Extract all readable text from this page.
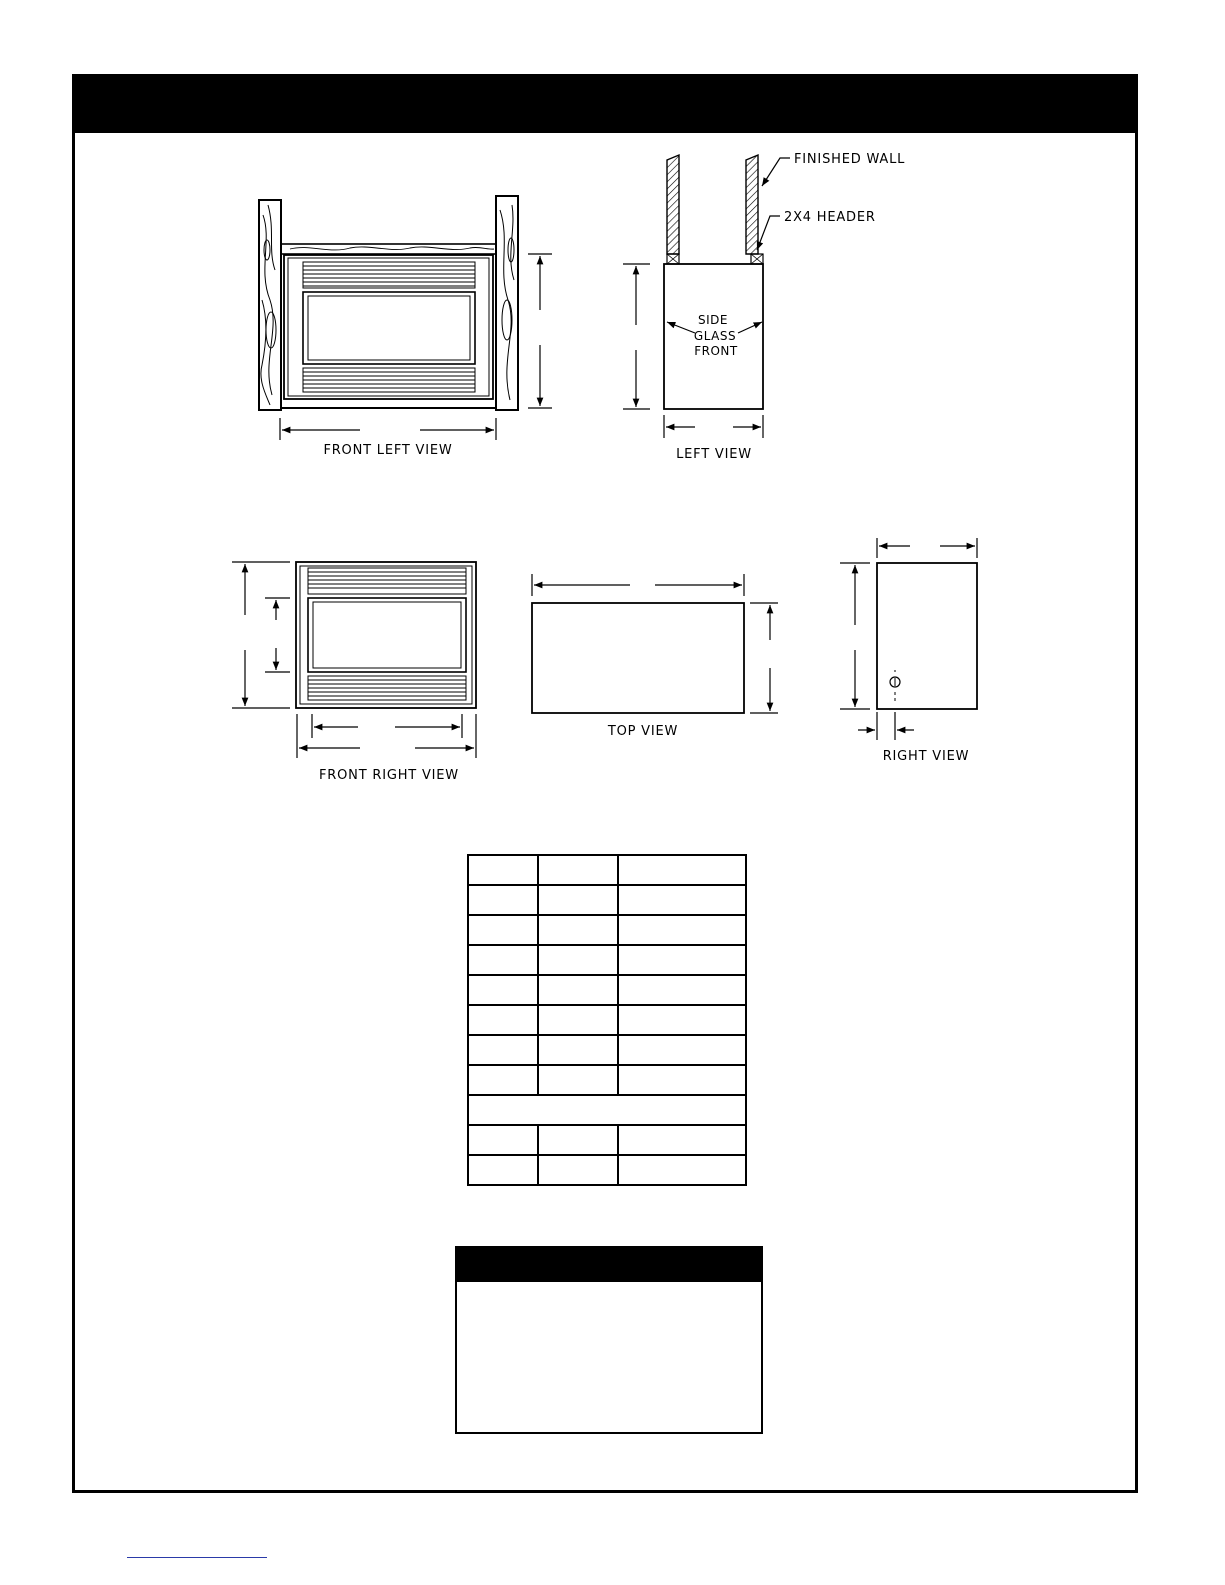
FRONT LEFT VIEW
SIDE
GLASS
FRONT
FINISHED WALL
2X4 HEADER
LEFT VIEW
FRONT RIGHT VIEW
TOP VIEW
RIGHT VIEW
